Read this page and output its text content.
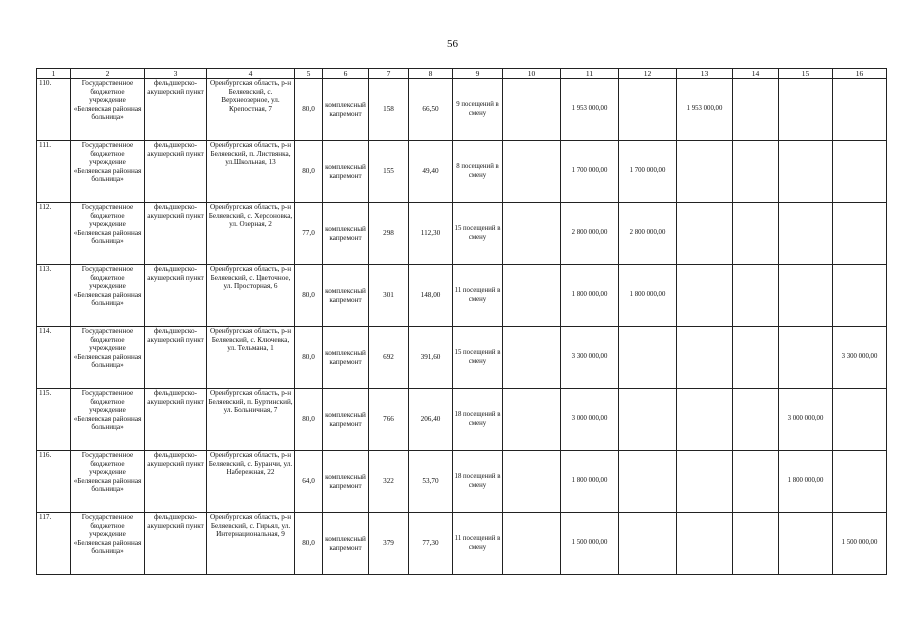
56
1	2	3	4	5	6	7	8	9	10	11	12	13	14	15	16
110.	Государственное бюджетное учреждение «Беляевская районная больница»	фельдшерско-акушерский пункт	Оренбургская область, р-н Беляевский, с. Верхнеозерное, ул. Крепостная, 7	80,0	комплексный капремонт	158	66,50	9 посещений в смену		1 953 000,00		1 953 000,00			
111.	Государственное бюджетное учреждение «Беляевская районная больница»	фельдшерско-акушерский пункт	Оренбургская область, р-н Беляевский, п. Листвянка, ул.Школьная, 13	80,0	комплексный капремонт	155	49,40	8 посещений в смену		1 700 000,00	1 700 000,00				
112.	Государственное бюджетное учреждение «Беляевская районная больница»	фельдшерско-акушерский пункт	Оренбургская область, р-н Беляевский, с. Херсоновка, ул. Озерная, 2	77,0	комплексный капремонт	298	112,30	15 посещений в смену		2 800 000,00	2 800 000,00				
113.	Государственное бюджетное учреждение «Беляевская районная больница»	фельдшерско-акушерский пункт	Оренбургская область, р-н Беляевский, с. Цветочное, ул. Просторная, 6	80,0	комплексный капремонт	301	148,00	11 посещений в смену		1 800 000,00	1 800 000,00				
114.	Государственное бюджетное учреждение «Беляевская районная больница»	фельдшерско-акушерский пункт	Оренбургская область, р-н Беляевский, с. Ключевка, ул. Тельмана, 1	80,0	комплексный капремонт	692	391,60	15 посещений в смену		3 300 000,00					3 300 000,00
115.	Государственное бюджетное учреждение «Беляевская районная больница»	фельдшерско-акушерский пункт	Оренбургская область, р-н Беляевский, п. Буртинский, ул. Больничная, 7	80,0	комплексный капремонт	766	206,40	18 посещений в смену		3 000 000,00				3 000 000,00	
116.	Государственное бюджетное учреждение «Беляевская районная больница»	фельдшерско-акушерский пункт	Оренбургская область, р-н Беляевский, с. Буранчи, ул. Набережная, 22	64,0	комплексный капремонт	322	53,70	18 посещений в смену		1 800 000,00				1 800 000,00	
117.	Государственное бюджетное учреждение «Беляевская районная больница»	фельдшерско-акушерский пункт	Оренбургская область, р-н Беляевский, с. Гирьял, ул. Интернациональная, 9	80,0	комплексный капремонт	379	77,30	11 посещений в смену		1 500 000,00					1 500 000,00
